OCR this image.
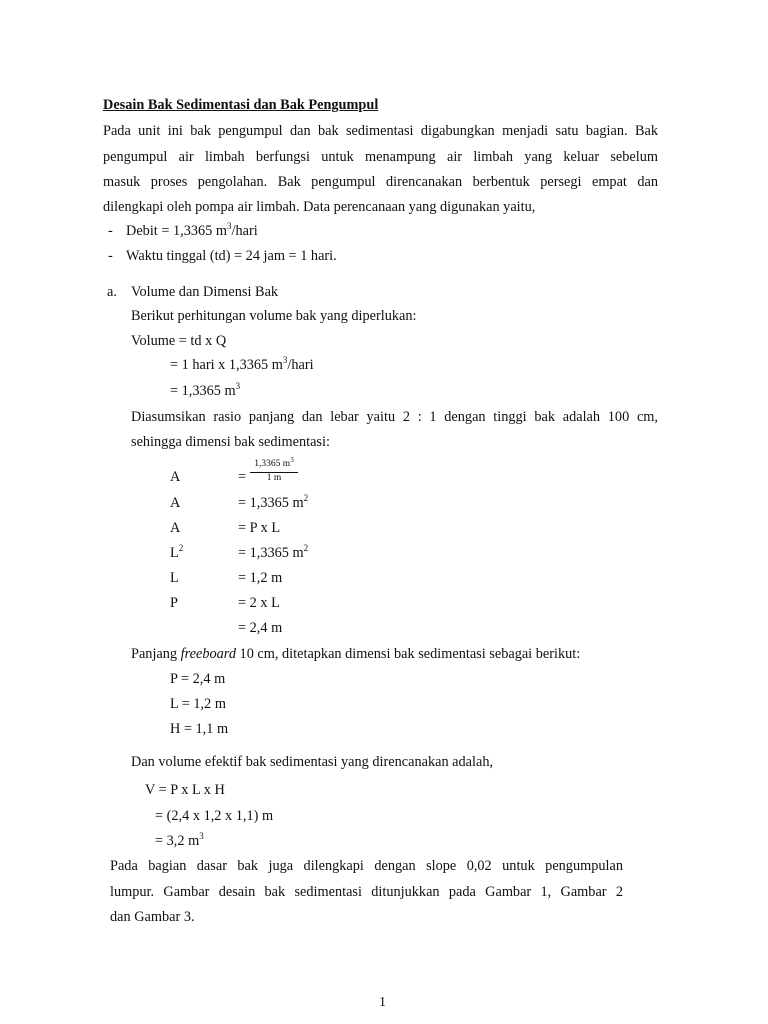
Desain Bak Sedimentasi dan Bak Pengumpul
Pada unit ini bak pengumpul dan bak sedimentasi digabungkan menjadi satu bagian. Bak
pengumpul air limbah berfungsi untuk menampung air limbah yang keluar sebelum
masuk proses pengolahan. Bak pengumpul direncanakan berbentuk persegi empat dan
dilengkapi oleh pompa air limbah. Data perencanaan yang digunakan yaitu,
- Debit = 1,3365 $m^3$/hari
- Waktu tinggal (td) = 24 jam = 1 hari.
a. Volume dan Dimensi Bak
Berikut perhitungan volume bak yang diperlukan:
Volume = td x Q
= 1 hari x 1,3365 $m^3$/hari
= 1,3365 $m^3$
Diasumsikan rasio panjang dan lebar yaitu 2 : 1 dengan tinggi bak adalah 100 cm,
sehingga dimensi bak sedimentasi:
A	=
1,3365 $m^3$
1 m
A	= 1,3365 $m^2$
A	= P x L
$L^2$	= 1,3365 $m^2$
L	= 1,2 m
P	= 2 x L
= 2,4 m
Panjang freeboard 10 cm, ditetapkan dimensi bak sedimentasi sebagai berikut:
P = 2,4 m
L = 1,2 m
H = 1,1 m
Dan volume efektif bak sedimentasi yang direncanakan adalah,
V = P x L x H
= (2,4 x 1,2 x 1,1) m
= 3,2 $m^3$
Pada bagian dasar bak juga dilengkapi dengan slope 0,02 untuk pengumpulan
lumpur. Gambar desain bak sedimentasi ditunjukkan pada Gambar 1, Gambar 2
dan Gambar 3.
1
